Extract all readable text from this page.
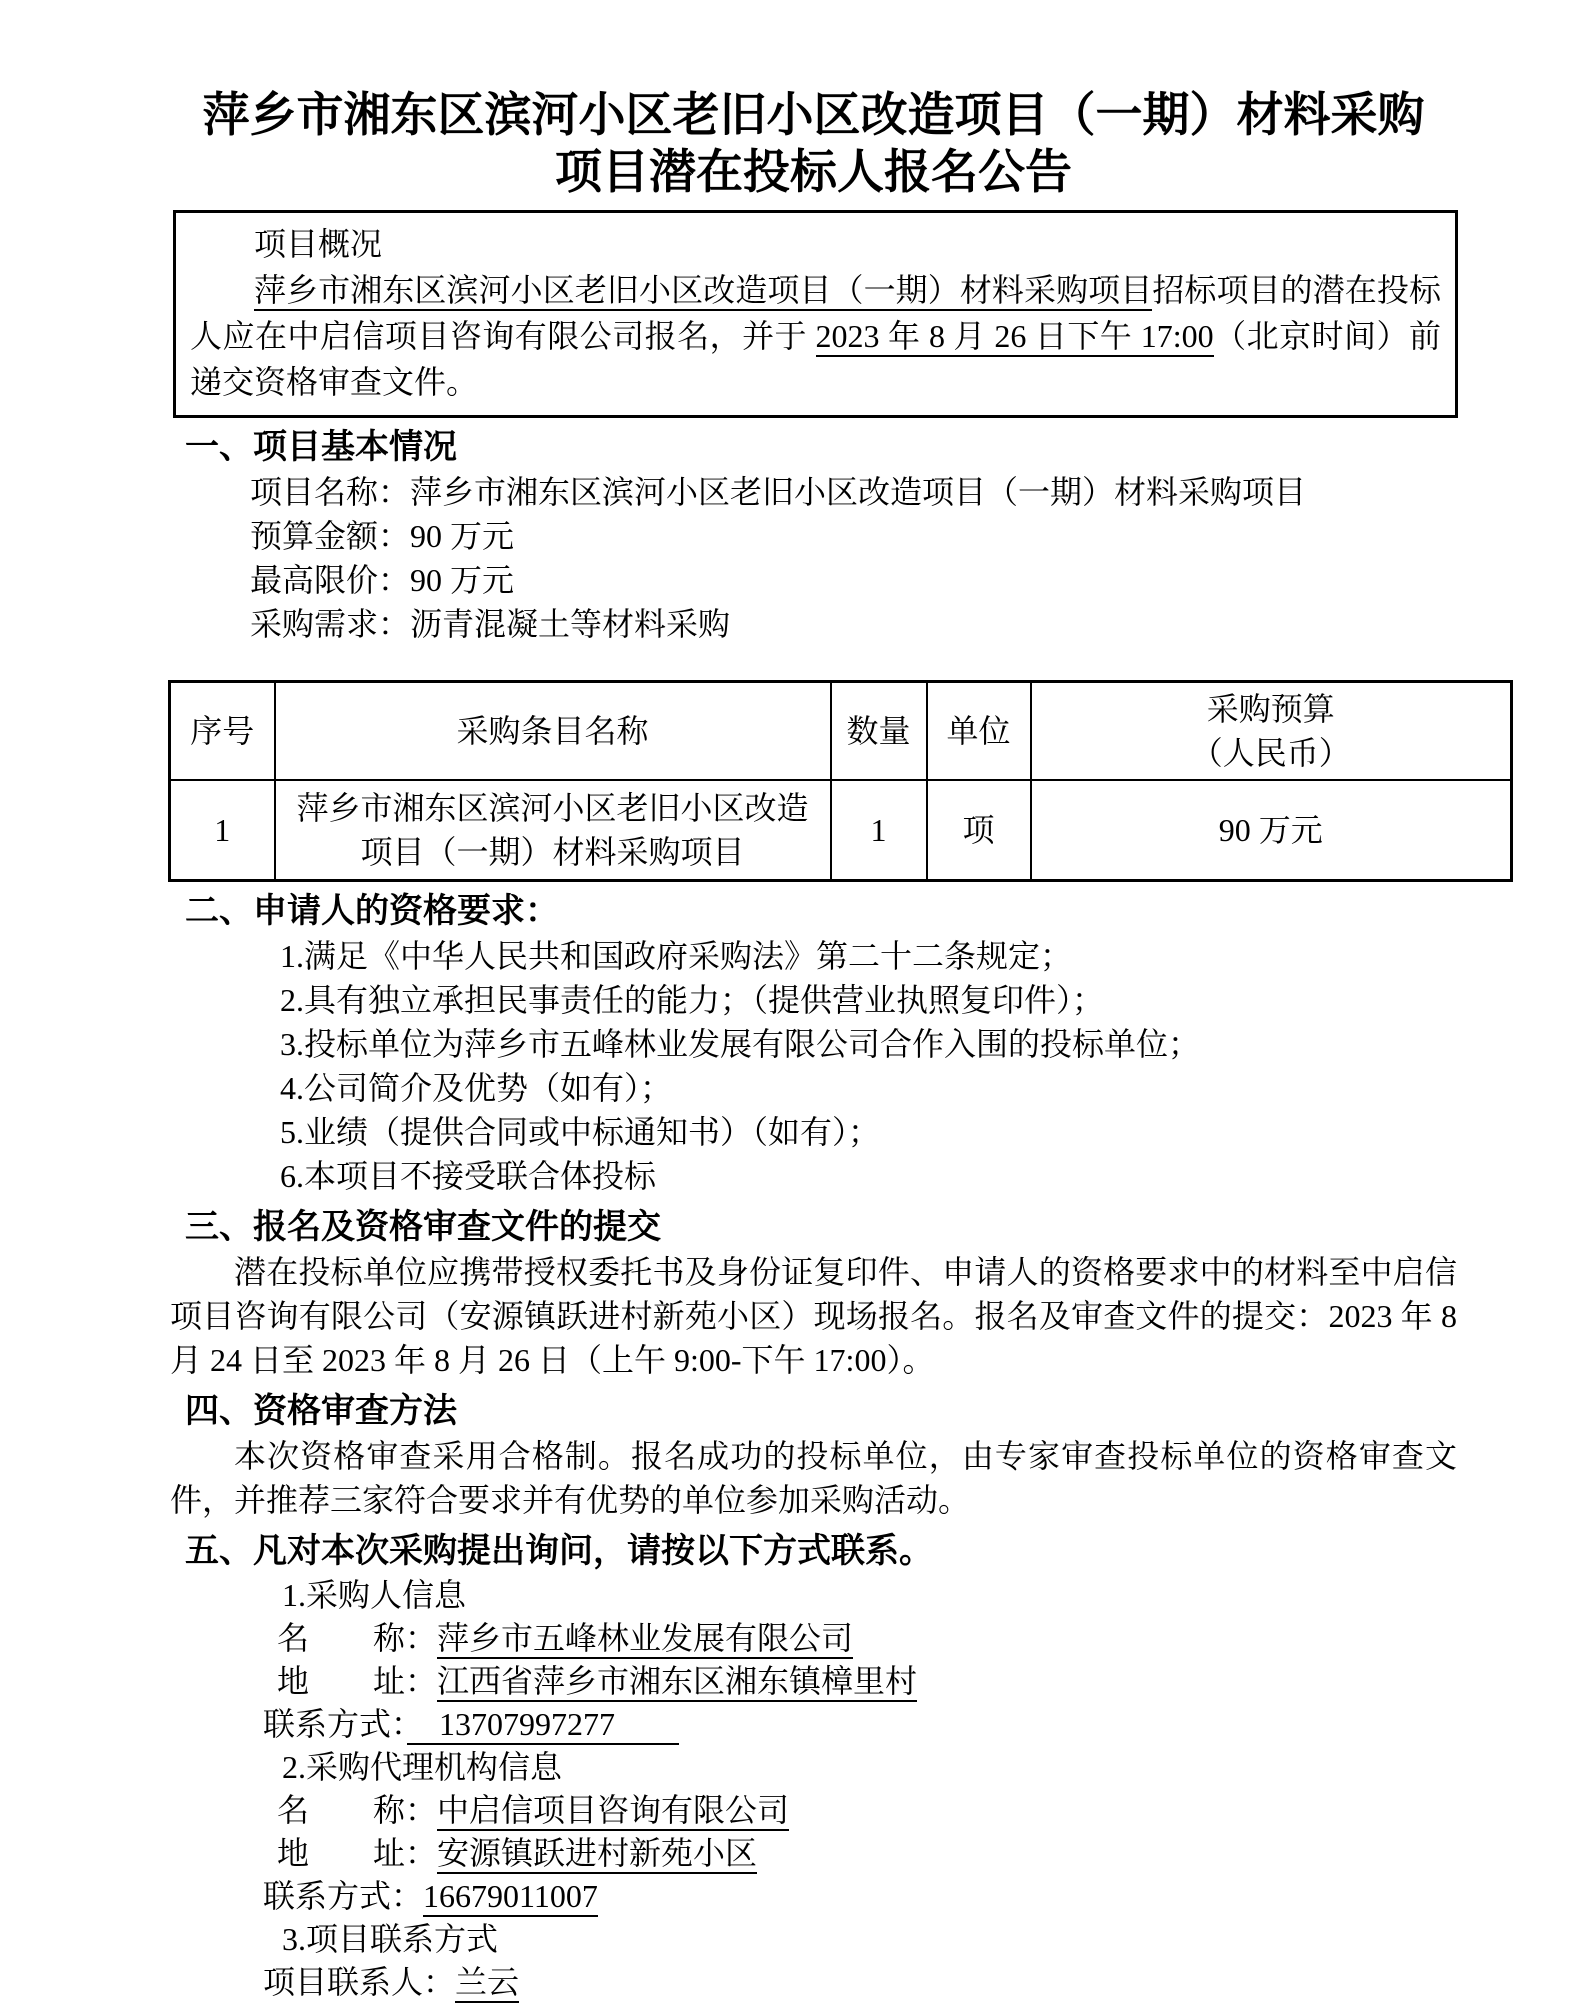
萍乡市湘东区滨河小区老旧小区改造项目（一期）材料采购
项目潜在投标人报名公告
项目概况

萍乡市湘东区滨河小区老旧小区改造项目（一期）材料采购项目招标项目的潜在投标人应在中启信项目咨询有限公司报名，并于 2023 年 8 月 26 日下午 17:00（北京时间）前递交资格审查文件。

一、项目基本情况
项目名称：萍乡市湘东区滨河小区老旧小区改造项目（一期）材料采购项目
预算金额：90 万元
最高限价：90 万元
采购需求：沥青混凝土等材料采购
序号	采购条目名称	数量	单位	采购预算
（人民币）

1	萍乡市湘东区滨河小区老旧小区改造项目（一期）材料采购项目	1	项	90 万元
二、申请人的资格要求：
1.满足《中华人民共和国政府采购法》第二十二条规定；
2.具有独立承担民事责任的能力；（提供营业执照复印件）；
3.投标单位为萍乡市五峰林业发展有限公司合作入围的投标单位；
4.公司简介及优势（如有）；
5.业绩（提供合同或中标通知书）（如有）；
6.本项目不接受联合体投标
三、报名及资格审查文件的提交

潜在投标单位应携带授权委托书及身份证复印件、申请人的资格要求中的材料至中启信项目咨询有限公司（安源镇跃进村新苑小区）现场报名。报名及审查文件的提交：2023 年 8 月 24 日至 2023 年 8 月 26 日（上午 9:00-下午 17:00）。

四、资格审查方法

本次资格审查采用合格制。报名成功的投标单位，由专家审查投标单位的资格审查文件，并推荐三家符合要求并有优势的单位参加采购活动。

五、凡对本次采购提出询问，请按以下方式联系。
1.采购人信息
名　　称：萍乡市五峰林业发展有限公司
地　　址：江西省萍乡市湘东区湘东镇樟里村
联系方式：　13707997277　　
2.采购代理机构信息
名　　称：中启信项目咨询有限公司
地　　址：安源镇跃进村新苑小区
联系方式：16679011007
3.项目联系方式
项目联系人：兰云
